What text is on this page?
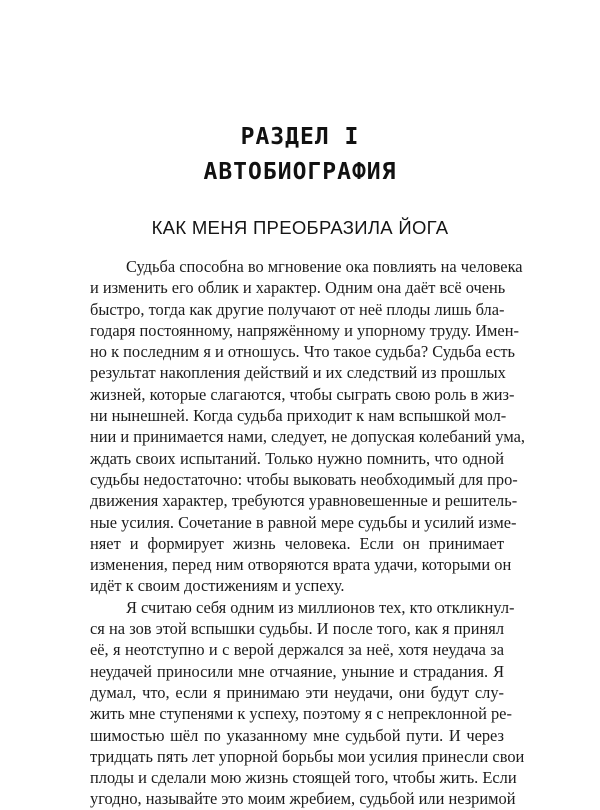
РАЗДЕЛ I
АВТОБИОГРАФИЯ
КАК МЕНЯ ПРЕОБРАЗИЛА ЙОГА
Судьба способна во мгновение ока повлиять на человека
и изменить его облик и характер. Одним она даёт всё очень
быстро, тогда как другие получают от неё плоды лишь бла-
годаря постоянному, напряжённому и упорному труду. Имен-
но к последним я и отношусь. Что такое судьба? Судьба есть
результат накопления действий и их следствий из прошлых
жизней, которые слагаются, чтобы сыграть свою роль в жиз-
ни нынешней. Когда судьба приходит к нам вспышкой мол-
нии и принимается нами, следует, не допуская колебаний ума,
ждать своих испытаний. Только нужно помнить, что одной
судьбы недостаточно: чтобы выковать необходимый для про-
движения характер, требуются уравновешенные и решитель-
ные усилия. Сочетание в равной мере судьбы и усилий изме-
няет и формирует жизнь человека. Если он принимает
изменения, перед ним отворяются врата удачи, которыми он
идёт к своим достижениям и успеху.
Я считаю себя одним из миллионов тех, кто откликнул-
ся на зов этой вспышки судьбы. И после того, как я принял
её, я неотступно и с верой держался за неё, хотя неудача за
неудачей приносили мне отчаяние, уныние и страдания. Я
думал, что, если я принимаю эти неудачи, они будут слу-
жить мне ступенями к успеху, поэтому я с непреклонной ре-
шимостью шёл по указанному мне судьбой пути. И через
тридцать пять лет упорной борьбы мои усилия принесли свои
плоды и сделали мою жизнь стоящей того, чтобы жить. Если
угодно, называйте это моим жребием, судьбой или незримой
